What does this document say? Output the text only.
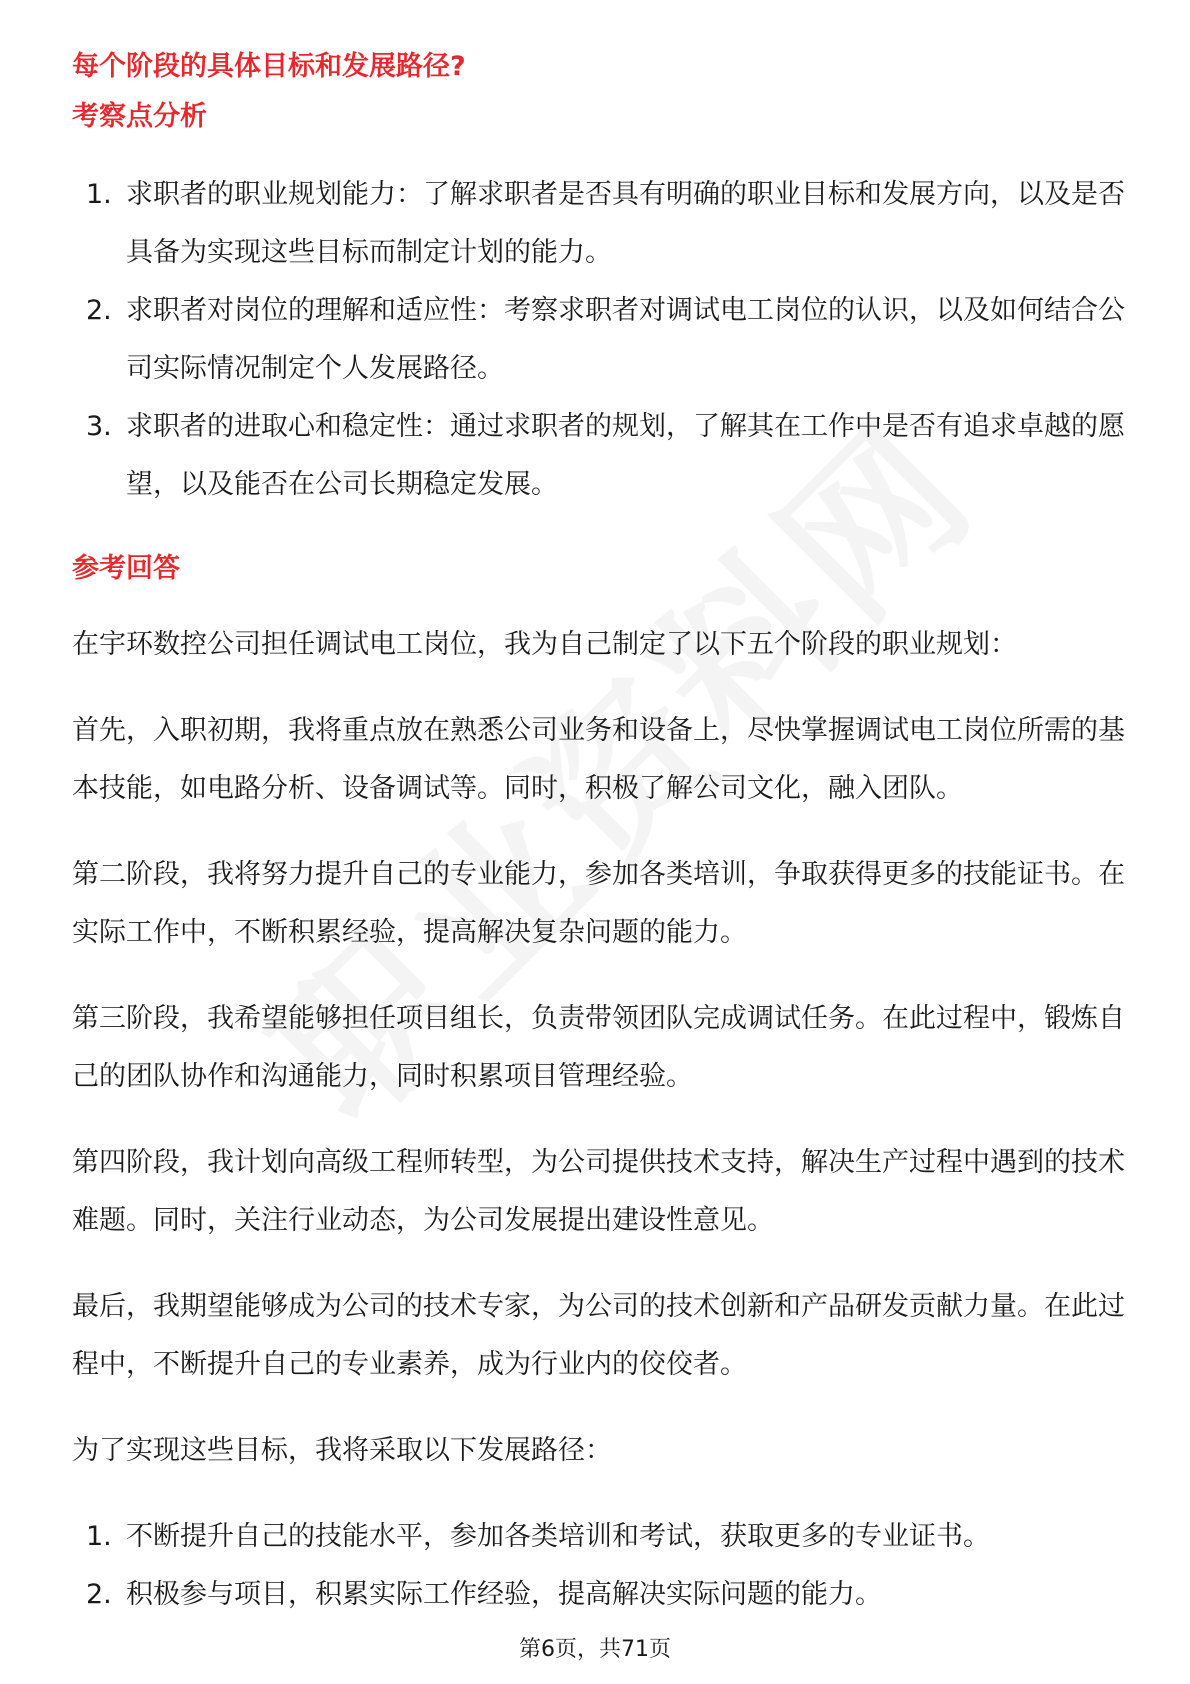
每个阶段的具体目标和发展路径?

考察点分析

1. 求职者的职业规划能力：了解求职者是否具有明确的职业目标和发展方向，以及是否具备为实现这些目标而制定计划的能力。
2. 求职者对岗位的理解和适应性：考察求职者对调试电工岗位的认识，以及如何结合公司实际情况制定个人发展路径。
3. 求职者的进取心和稳定性：通过求职者的规划，了解其在工作中是否有追求卓越的愿望，以及能否在公司长期稳定发展。

参考回答

在宇环数控公司担任调试电工岗位，我为自己制定了以下五个阶段的职业规划：

首先，入职初期，我将重点放在熟悉公司业务和设备上，尽快掌握调试电工岗位所需的基本技能，如电路分析、设备调试等。同时，积极了解公司文化，融入团队。

第二阶段，我将努力提升自己的专业能力，参加各类培训，争取获得更多的技能证书。在实际工作中，不断积累经验，提高解决复杂问题的能力。

第三阶段，我希望能够担任项目组长，负责带领团队完成调试任务。在此过程中，锻炼自己的团队协作和沟通能力，同时积累项目管理经验。

第四阶段，我计划向高级工程师转型，为公司提供技术支持，解决生产过程中遇到的技术难题。同时，关注行业动态，为公司发展提出建设性意见。

最后，我期望能够成为公司的技术专家，为公司的技术创新和产品研发贡献力量。在此过程中，不断提升自己的专业素养，成为行业内的佼佼者。

为了实现这些目标，我将采取以下发展路径：

1. 不断提升自己的技能水平，参加各类培训和考试，获取更多的专业证书。
2. 积极参与项目，积累实际工作经验，提高解决实际问题的能力。
第6页，共71页
